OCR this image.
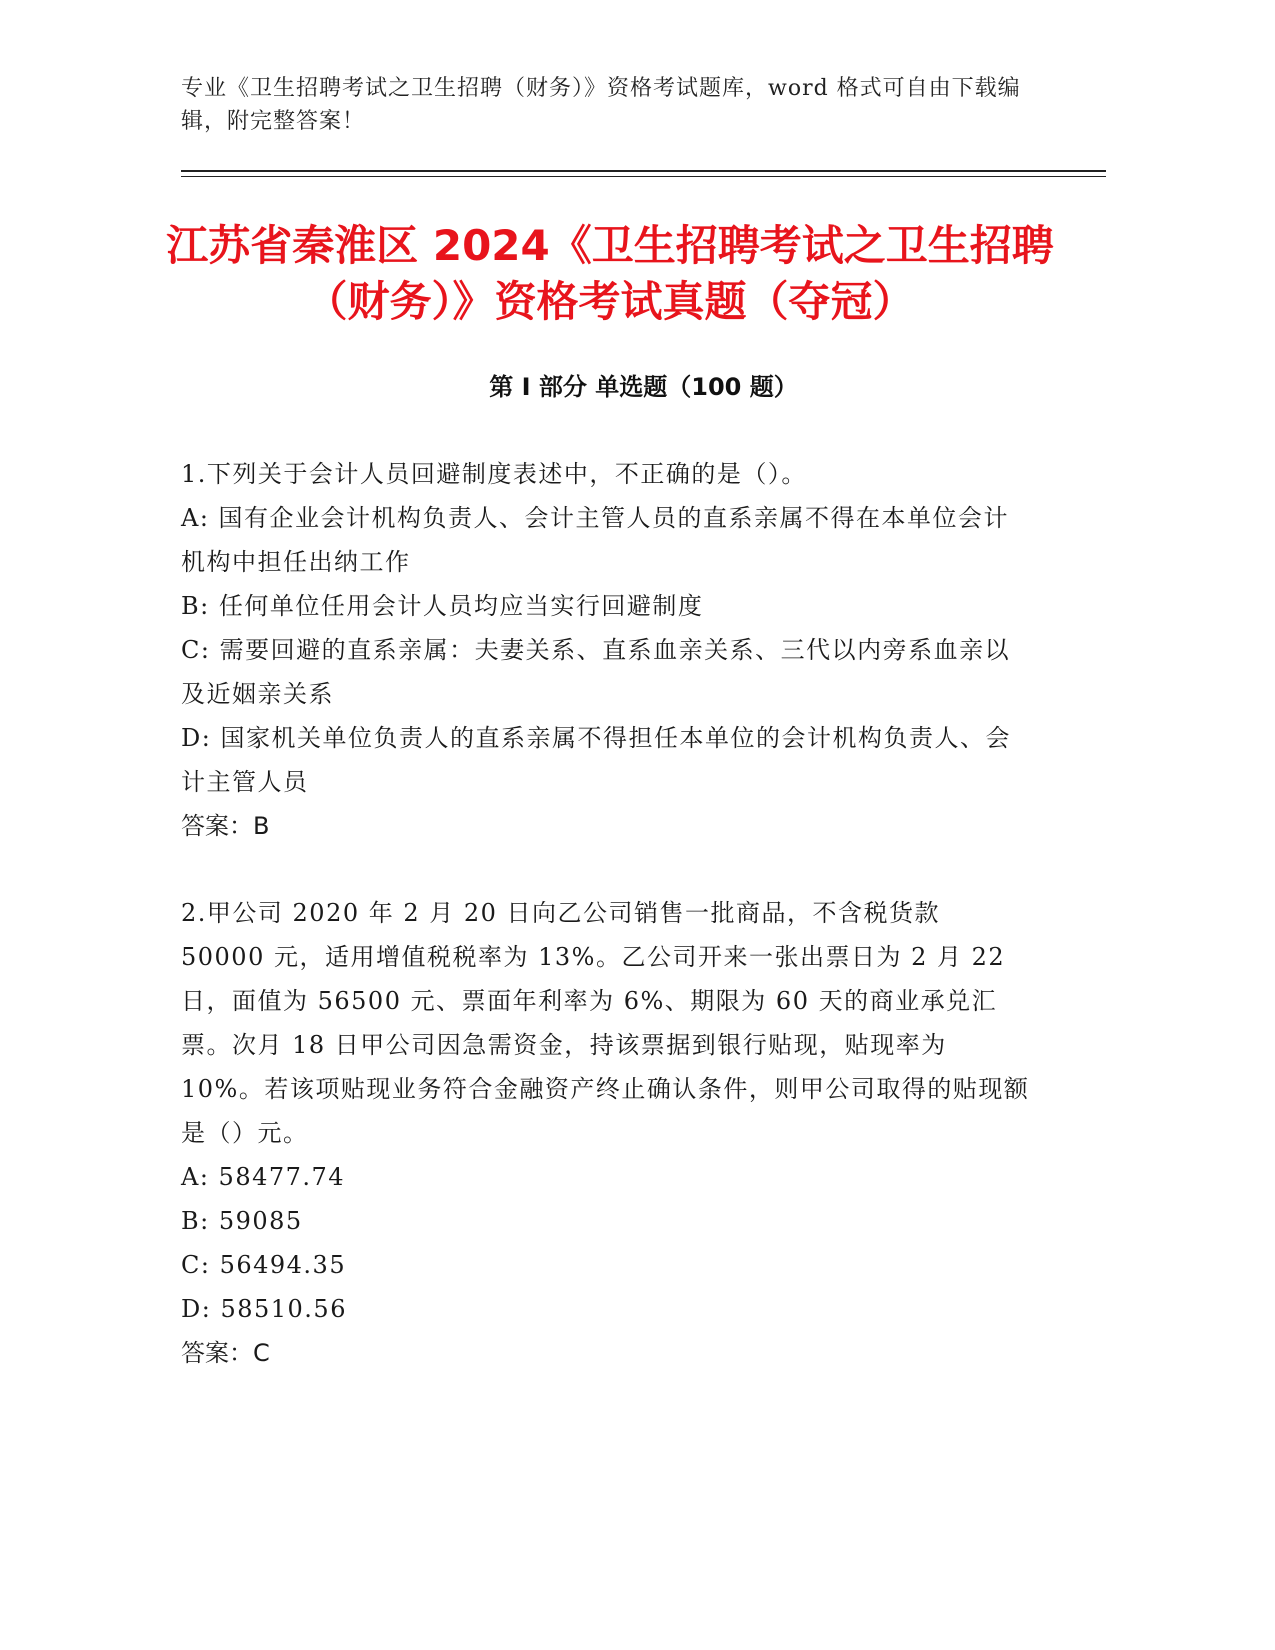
专业《卫生招聘考试之卫生招聘（财务）》资格考试题库，word 格式可自由下载编辑，附完整答案！
江苏省秦淮区 2024《卫生招聘考试之卫生招聘（财务）》资格考试真题（夺冠）
第 I 部分 单选题（100 题）

1.下列关于会计人员回避制度表述中，不正确的是（）。

A: 国有企业会计机构负责人、会计主管人员的直系亲属不得在本单位会计机构中担任出纳工作

B: 任何单位任用会计人员均应当实行回避制度

C: 需要回避的直系亲属：夫妻关系、直系血亲关系、三代以内旁系血亲以及近姻亲关系

D: 国家机关单位负责人的直系亲属不得担任本单位的会计机构负责人、会计主管人员

答案：B

2.甲公司 2020 年 2 月 20 日向乙公司销售一批商品，不含税货款 50000 元，适用增值税税率为 13%。乙公司开来一张出票日为 2 月 22 日，面值为 56500 元、票面年利率为 6%、期限为 60 天的商业承兑汇票。次月 18 日甲公司因急需资金，持该票据到银行贴现，贴现率为 10%。若该项贴现业务符合金融资产终止确认条件，则甲公司取得的贴现额是（）元。

A: 58477.74

B: 59085

C: 56494.35

D: 58510.56

答案：C
